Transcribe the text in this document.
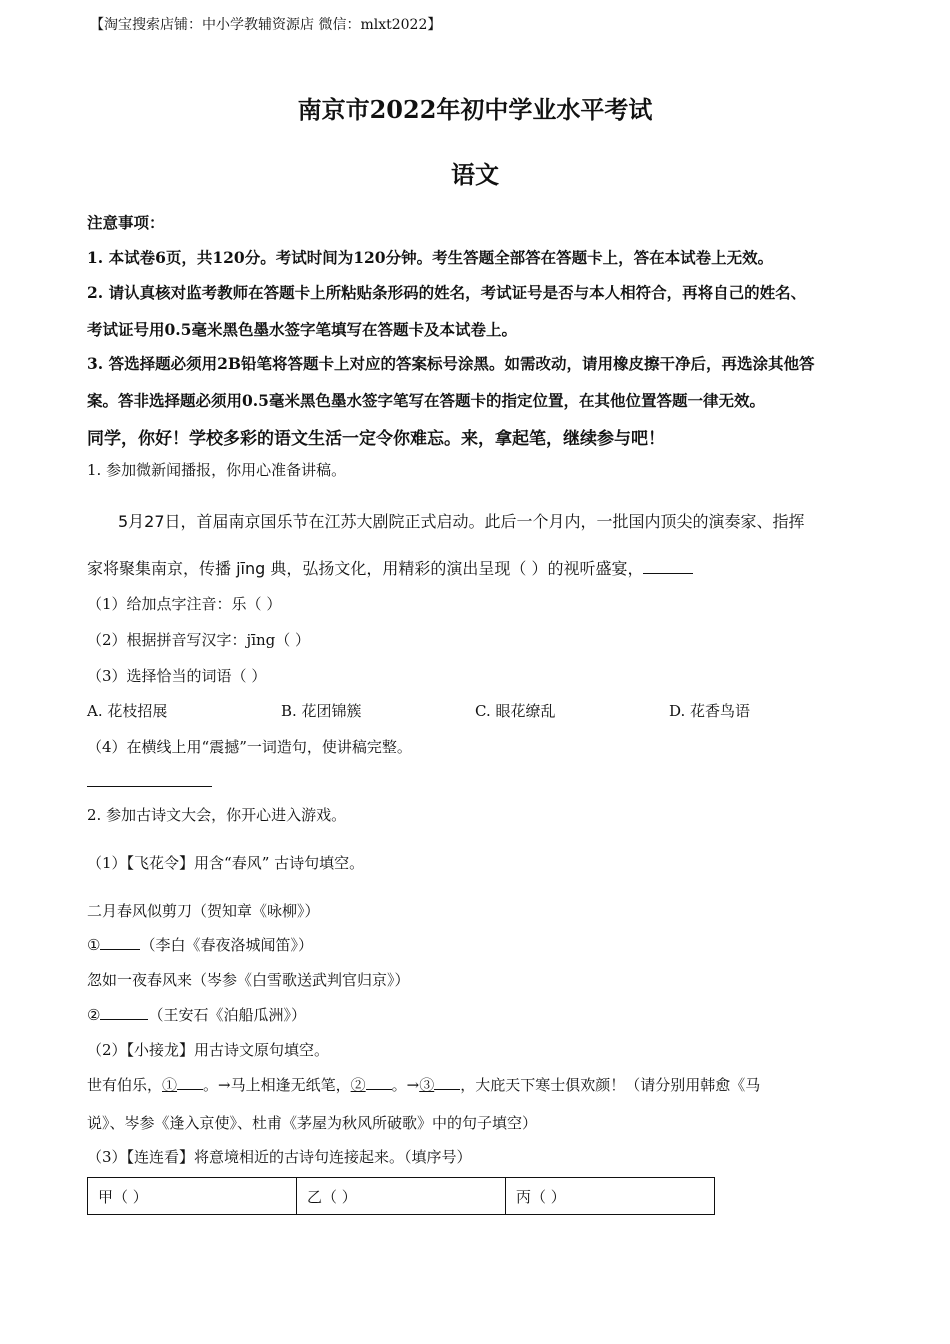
【淘宝搜索店铺：中小学教辅资源店 微信：mlxt2022】
南京市2022年初中学业水平考试
语文
注意事项：
1. 本试卷6页，共120分。考试时间为120分钟。考生答题全部答在答题卡上，答在本试卷上无效。
2. 请认真核对监考教师在答题卡上所粘贴条形码的姓名，考试证号是否与本人相符合，再将自己的姓名、
考试证号用0.5毫米黑色墨水签字笔填写在答题卡及本试卷上。
3. 答选择题必须用2B铅笔将答题卡上对应的答案标号涂黑。如需改动，请用橡皮擦干净后，再选涂其他答
案。答非选择题必须用0.5毫米黑色墨水签字笔写在答题卡的指定位置，在其他位置答题一律无效。
同学，你好！学校多彩的语文生活一定令你难忘。来，拿起笔，继续参与吧！
1. 参加微新闻播报，你用心准备讲稿。
5月27日，首届南京国乐节在江苏大剧院正式启动。此后一个月内，一批国内顶尖的演奏家、指挥
家将聚集南京，传播 jīng 典，弘扬文化，用精彩的演出呈现（ ）的视听盛宴，
（1）给加点字注音：乐（ ）
（2）根据拼音写汉字：jīng（ ）
（3）选择恰当的词语（ ）
A. 花枝招展	B. 花团锦簇	C. 眼花缭乱	D. 花香鸟语
（4）在横线上用“震撼”一词造句，使讲稿完整。
2. 参加古诗文大会，你开心进入游戏。
（1）【飞花令】用含“春风” 古诗句填空。
二月春风似剪刀（贺知章《咏柳》）
①	（李白《春夜洛城闻笛》）
忽如一夜春风来（岑参《白雪歌送武判官归京》）
②	（王安石《泊船瓜洲》）
（2）【小接龙】用古诗文原句填空。
世有伯乐，① 。→马上相逢无纸笔，② 。→③ ，大庇天下寒士俱欢颜！（请分别用韩愈《马
说》、岑参《逢入京使》、杜甫《茅屋为秋风所破歌》中的句子填空）
（3）【连连看】将意境相近的古诗句连接起来。（填序号）
甲（ ）	乙（ ）	丙（ ）
